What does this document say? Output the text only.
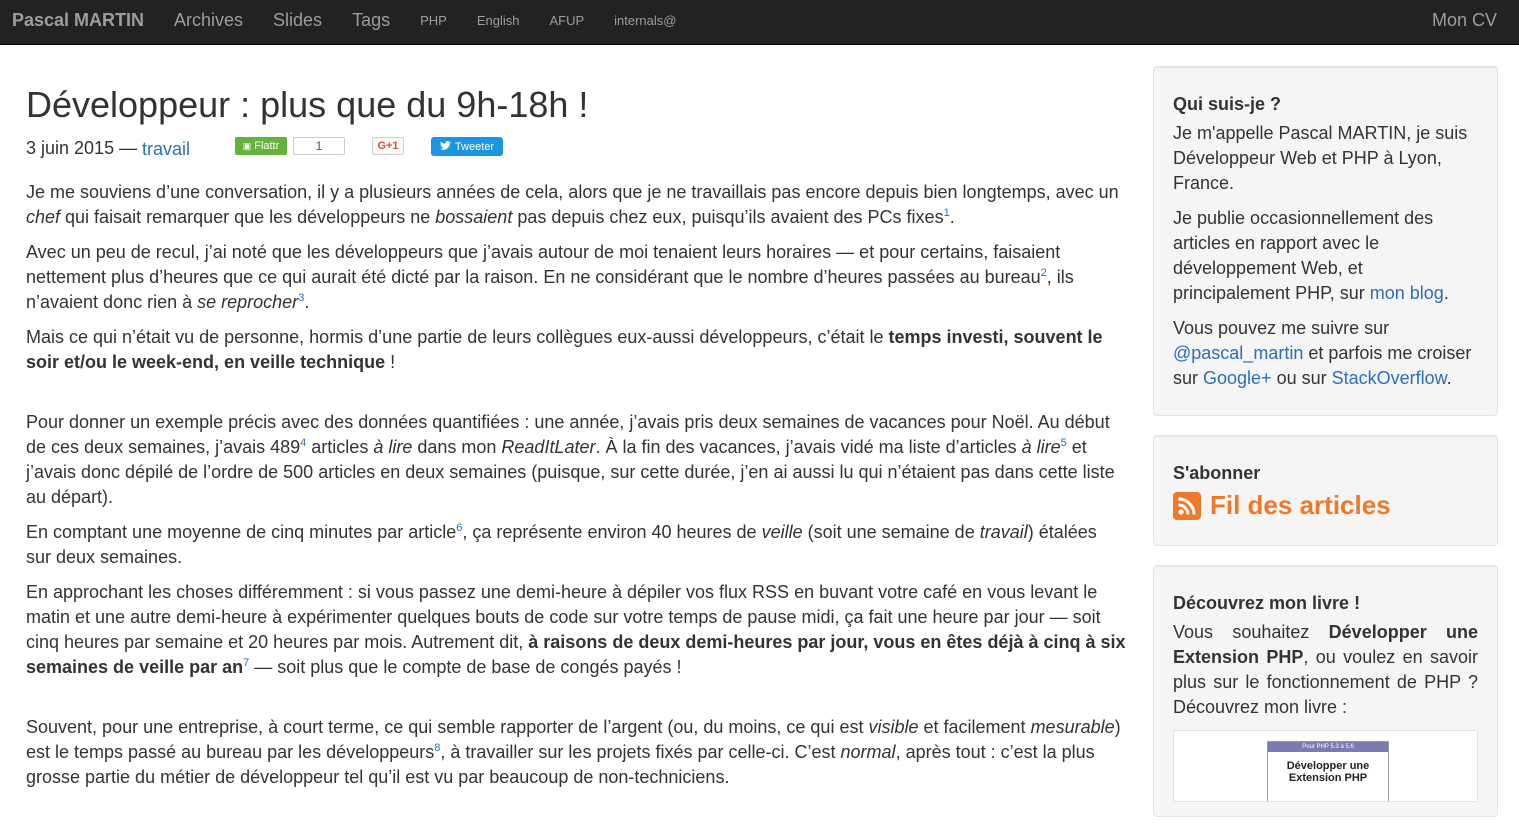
Pascal MARTIN	Archives	Slides	Tags	PHP	English	AFUP	internals@	Mon CV
Développeur : plus que du 9h-18h !
3 juin 2015 — travail	▣ Flattr	1	G+1	Tweeter

Je me souviens d’une conversation, il y a plusieurs années de cela, alors que je ne travaillais pas encore depuis bien longtemps, avec un chef qui faisait remarquer que les développeurs ne bossaient pas depuis chez eux, puisqu’ils avaient des PCs fixes$^1$.

Avec un peu de recul, j’ai noté que les développeurs que j’avais autour de moi tenaient leurs horaires — et pour certains, faisaient nettement plus d’heures que ce qui aurait été dicté par la raison. En ne considérant que le nombre d’heures passées au bureau$^2$, ils n’avaient donc rien à se reprocher$^3$.

Mais ce qui n’était vu de personne, hormis d’une partie de leurs collègues eux-aussi développeurs, c’était le temps investi, souvent le soir et/ou le week-end, en veille technique !

Pour donner un exemple précis avec des données quantifiées : une année, j’avais pris deux semaines de vacances pour Noël. Au début de ces deux semaines, j’avais $489^4$ articles à lire dans mon ReadItLater. À la fin des vacances, j’avais vidé ma liste d’articles à lire$^5$ et j’avais donc dépilé de l’ordre de 500 articles en deux semaines (puisque, sur cette durée, j’en ai aussi lu qui n’étaient pas dans cette liste au départ).

En comptant une moyenne de cinq minutes par article$^6$, ça représente environ 40 heures de veille (soit une semaine de travail) étalées sur deux semaines.

En approchant les choses différemment : si vous passez une demi-heure à dépiler vos flux RSS en buvant votre café en vous levant le matin et une autre demi-heure à expérimenter quelques bouts de code sur votre temps de pause midi, ça fait une heure par jour — soit cinq heures par semaine et 20 heures par mois. Autrement dit, à raisons de deux demi-heures par jour, vous en êtes déjà à cinq à six semaines de veille par $an^7$ — soit plus que le compte de base de congés payés !

Souvent, pour une entreprise, à court terme, ce qui semble rapporter de l’argent (ou, du moins, ce qui est visible et facilement mesurable) est le temps passé au bureau par les développeurs$^8$, à travailler sur les projets fixés par celle-ci. C’est normal, après tout : c’est la plus grosse partie du métier de développeur tel qu’il est vu par beaucoup de non-techniciens.

Qui suis-je ?

Je m'appelle Pascal MARTIN, je suis Développeur Web et PHP à Lyon, France.

Je publie occasionnellement des articles en rapport avec le développement Web, et principalement PHP, sur mon blog.

Vous pouvez me suivre sur @pascal_martin et parfois me croiser sur Google+ ou sur StackOverflow.

S'abonner
Fil des articles
Découvrez mon livre !

Vous souhaitez Développer une Extension PHP, ou voulez en savoir plus sur le fonctionnement de PHP ? Découvrez mon livre :

Pour PHP 5.3 à 5.6
Développer une Extension PHP
